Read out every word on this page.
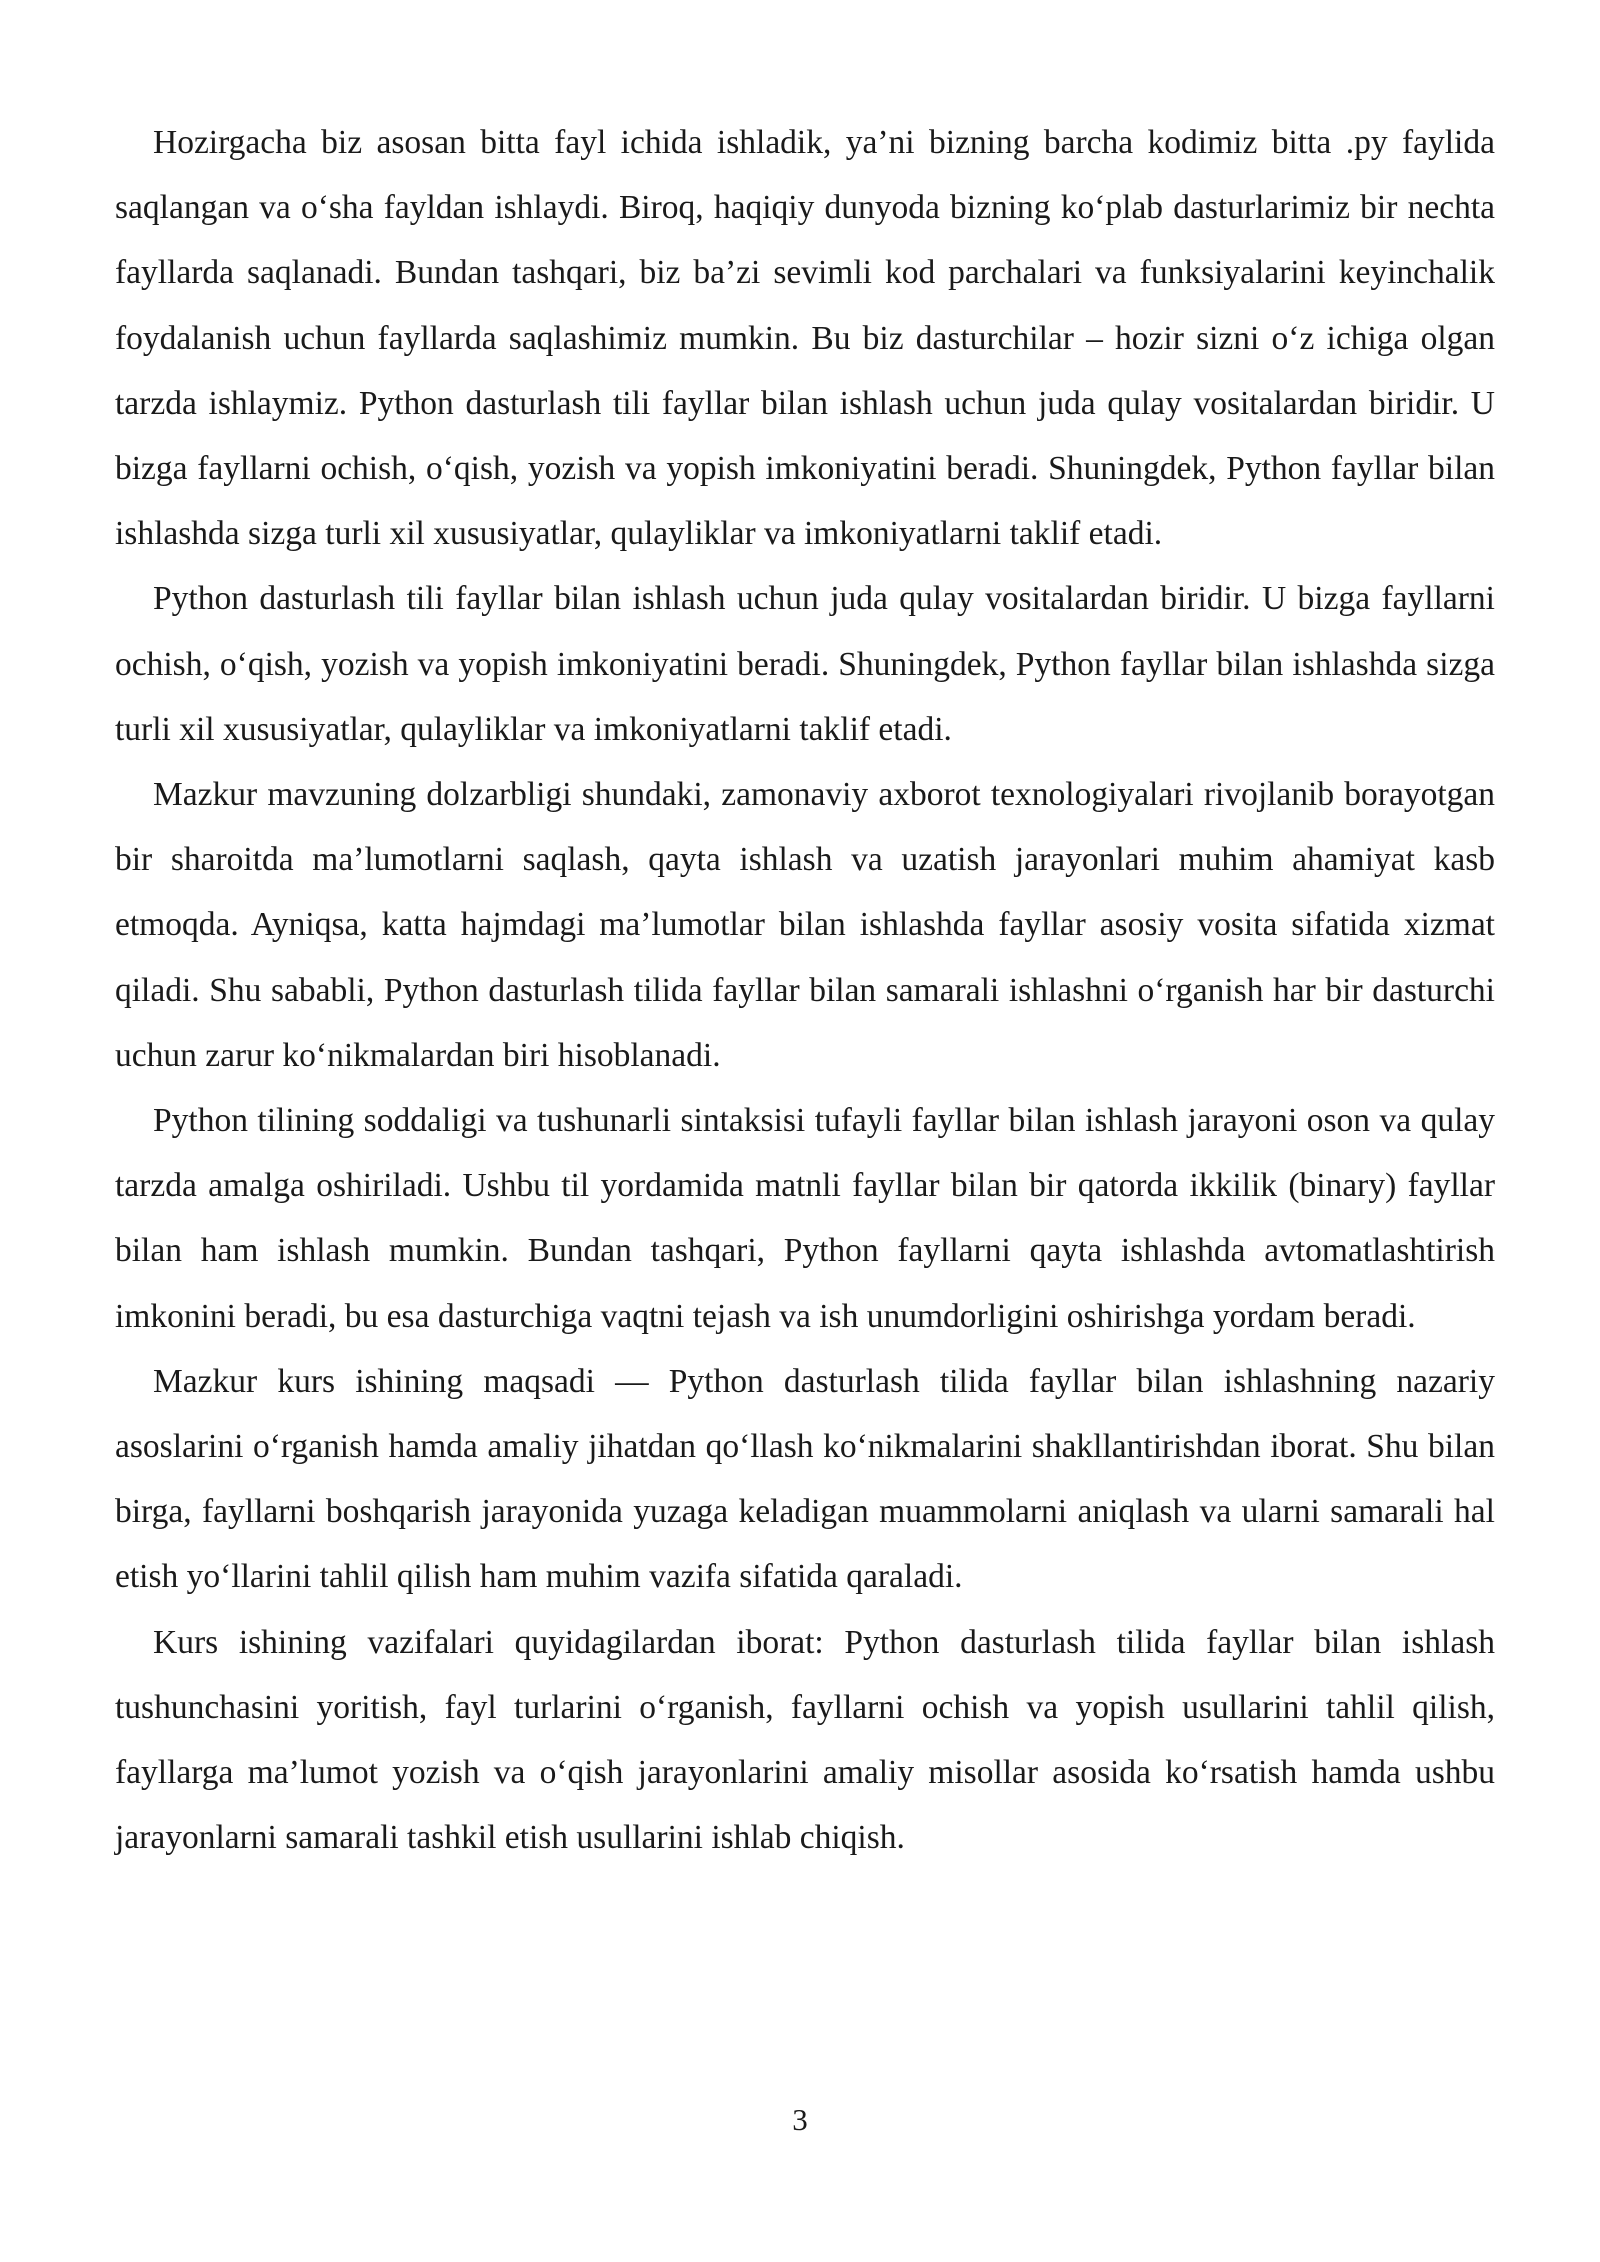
Hozirgacha biz asosan bitta fayl ichida ishladik, ya’ni bizning barcha kodimiz bitta .py faylida saqlangan va o‘sha fayldan ishlaydi. Biroq, haqiqiy dunyoda bizning ko‘plab dasturlarimiz bir nechta fayllarda saqlanadi. Bundan tashqari, biz ba’zi sevimli kod parchalari va funksiyalarini keyinchalik foydalanish uchun fayllarda saqlashimiz mumkin. Bu biz dasturchilar – hozir sizni o‘z ichiga olgan tarzda ishlaymiz. Python dasturlash tili fayllar bilan ishlash uchun juda qulay vositalardan biridir. U bizga fayllarni ochish, o‘qish, yozish va yopish imkoniyatini beradi. Shuningdek, Python fayllar bilan ishlashda sizga turli xil xususiyatlar, qulayliklar va imkoniyatlarni taklif etadi.

Python dasturlash tili fayllar bilan ishlash uchun juda qulay vositalardan biridir. U bizga fayllarni ochish, o‘qish, yozish va yopish imkoniyatini beradi. Shuningdek, Python fayllar bilan ishlashda sizga turli xil xususiyatlar, qulayliklar va imkoniyatlarni taklif etadi.

Mazkur mavzuning dolzarbligi shundaki, zamonaviy axborot texnologiyalari rivojlanib borayotgan bir sharoitda ma’lumotlarni saqlash, qayta ishlash va uzatish jarayonlari muhim ahamiyat kasb etmoqda. Ayniqsa, katta hajmdagi ma’lumotlar bilan ishlashda fayllar asosiy vosita sifatida xizmat qiladi. Shu sababli, Python dasturlash tilida fayllar bilan samarali ishlashni o‘rganish har bir dasturchi uchun zarur ko‘nikmalardan biri hisoblanadi.

Python tilining soddaligi va tushunarli sintaksisi tufayli fayllar bilan ishlash jarayoni oson va qulay tarzda amalga oshiriladi. Ushbu til yordamida matnli fayllar bilan bir qatorda ikkilik (binary) fayllar bilan ham ishlash mumkin. Bundan tashqari, Python fayllarni qayta ishlashda avtomatlashtirish imkonini beradi, bu esa dasturchiga vaqtni tejash va ish unumdorligini oshirishga yordam beradi.

Mazkur kurs ishining maqsadi — Python dasturlash tilida fayllar bilan ishlashning nazariy asoslarini o‘rganish hamda amaliy jihatdan qo‘llash ko‘nikmalarini shakllantirishdan iborat. Shu bilan birga, fayllarni boshqarish jarayonida yuzaga keladigan muammolarni aniqlash va ularni samarali hal etish yo‘llarini tahlil qilish ham muhim vazifa sifatida qaraladi.

Kurs ishining vazifalari quyidagilardan iborat: Python dasturlash tilida fayllar bilan ishlash tushunchasini yoritish, fayl turlarini o‘rganish, fayllarni ochish va yopish usullarini tahlil qilish, fayllarga ma’lumot yozish va o‘qish jarayonlarini amaliy misollar asosida ko‘rsatish hamda ushbu jarayonlarni samarali tashkil etish usullarini ishlab chiqish.

3
